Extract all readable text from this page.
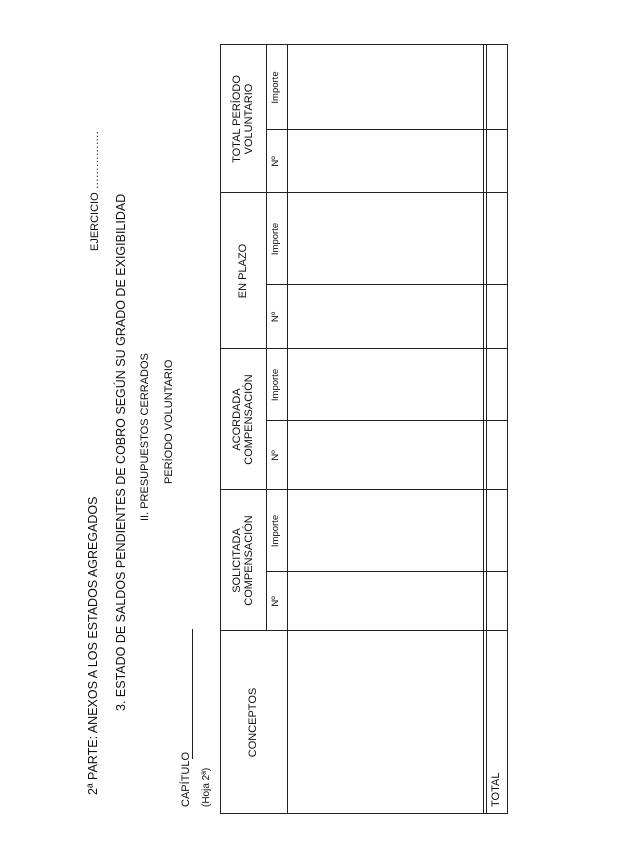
2ª PARTE: ANEXOS A LOS ESTADOS AGREGADOS
EJERCICIO …………….
3. ESTADO DE SALDOS PENDIENTES DE COBRO SEGÚN SU GRADO DE EXIGIBILIDAD II. PRESUPUESTOS CERRADOS PERÍODO VOLUNTARIO
CAPÍTULO (Hoja 2ª)
CONCEPTOS
SOLICITADA COMPENSACIÓN
ACORDADA COMPENSACIÓN
EN PLAZO
TOTAL PERÍODO VOLUNTARIO
Nº
Importe
Nº
Importe
Nº
Importe
Nº
Importe
TOTAL
